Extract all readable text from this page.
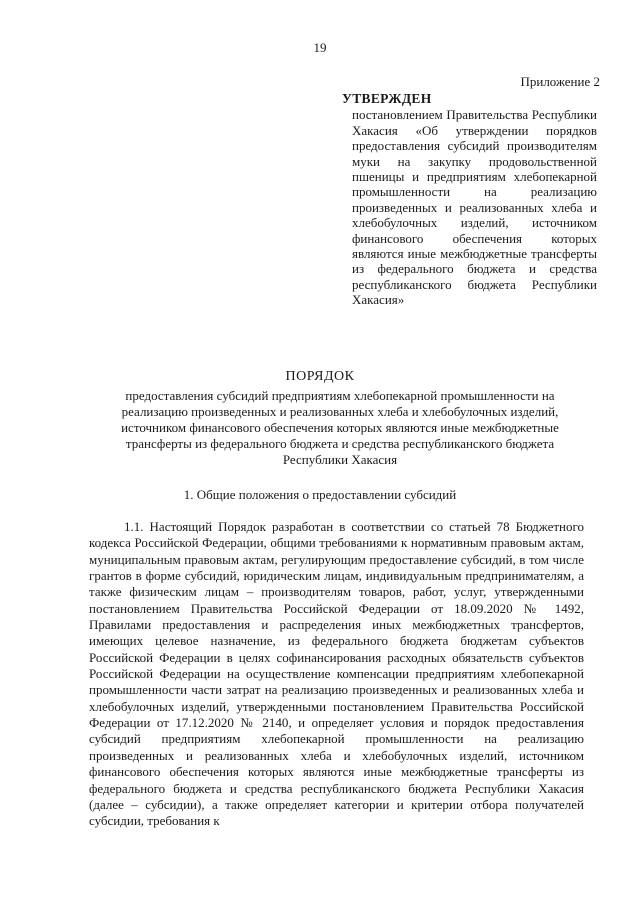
19
Приложение 2
УТВЕРЖДЕН

постановлением Правительства Республики Хакасия «Об утверждении порядков предоставления субсидий производителям муки на закупку продовольственной пшеницы и предприятиям хлебопекарной промышленности на реализацию произведенных и реализованных хлеба и хлебобулочных изделий, источником финансового обеспечения которых являются иные межбюджетные трансферты из федерального бюджета и средства республиканского бюджета Республики Хакасия»

ПОРЯДОК
предоставления субсидий предприятиям хлебопекарной промышленности на реализацию произведенных и реализованных хлеба и хлебобулочных изделий, источником финансового обеспечения которых являются иные межбюджетные трансферты из федерального бюджета и средства республиканского бюджета Республики Хакасия
1. Общие положения о предоставлении субсидий

1.1. Настоящий Порядок разработан в соответствии со статьей 78 Бюджетного кодекса Российской Федерации, общими требованиями к нормативным правовым актам, муниципальным правовым актам, регулирующим предоставление субсидий, в том числе грантов в форме субсидий, юридическим лицам, индивидуальным предпринимателям, а также физическим лицам – производителям товаров, работ, услуг, утвержденными постановлением Правительства Российской Федерации от 18.09.2020 № 1492, Правилами предоставления и распределения иных межбюджетных трансфертов, имеющих целевое назначение, из федерального бюджета бюджетам субъектов Российской Федерации в целях софинансирования расходных обязательств субъектов Российской Федерации на осуществление компенсации предприятиям хлебопекарной промышленности части затрат на реализацию произведенных и реализованных хлеба и хлебобулочных изделий, утвержденными постановлением Правительства Российской Федерации от 17.12.2020 № 2140, и определяет условия и порядок предоставления субсидий предприятиям хлебопекарной промышленности на реализацию произведенных и реализованных хлеба и хлебобулочных изделий, источником финансового обеспечения которых являются иные межбюджетные трансферты из федерального бюджета и средства республиканского бюджета Республики Хакасия (далее – субсидии), а также определяет категории и критерии отбора получателей субсидии, требования к
